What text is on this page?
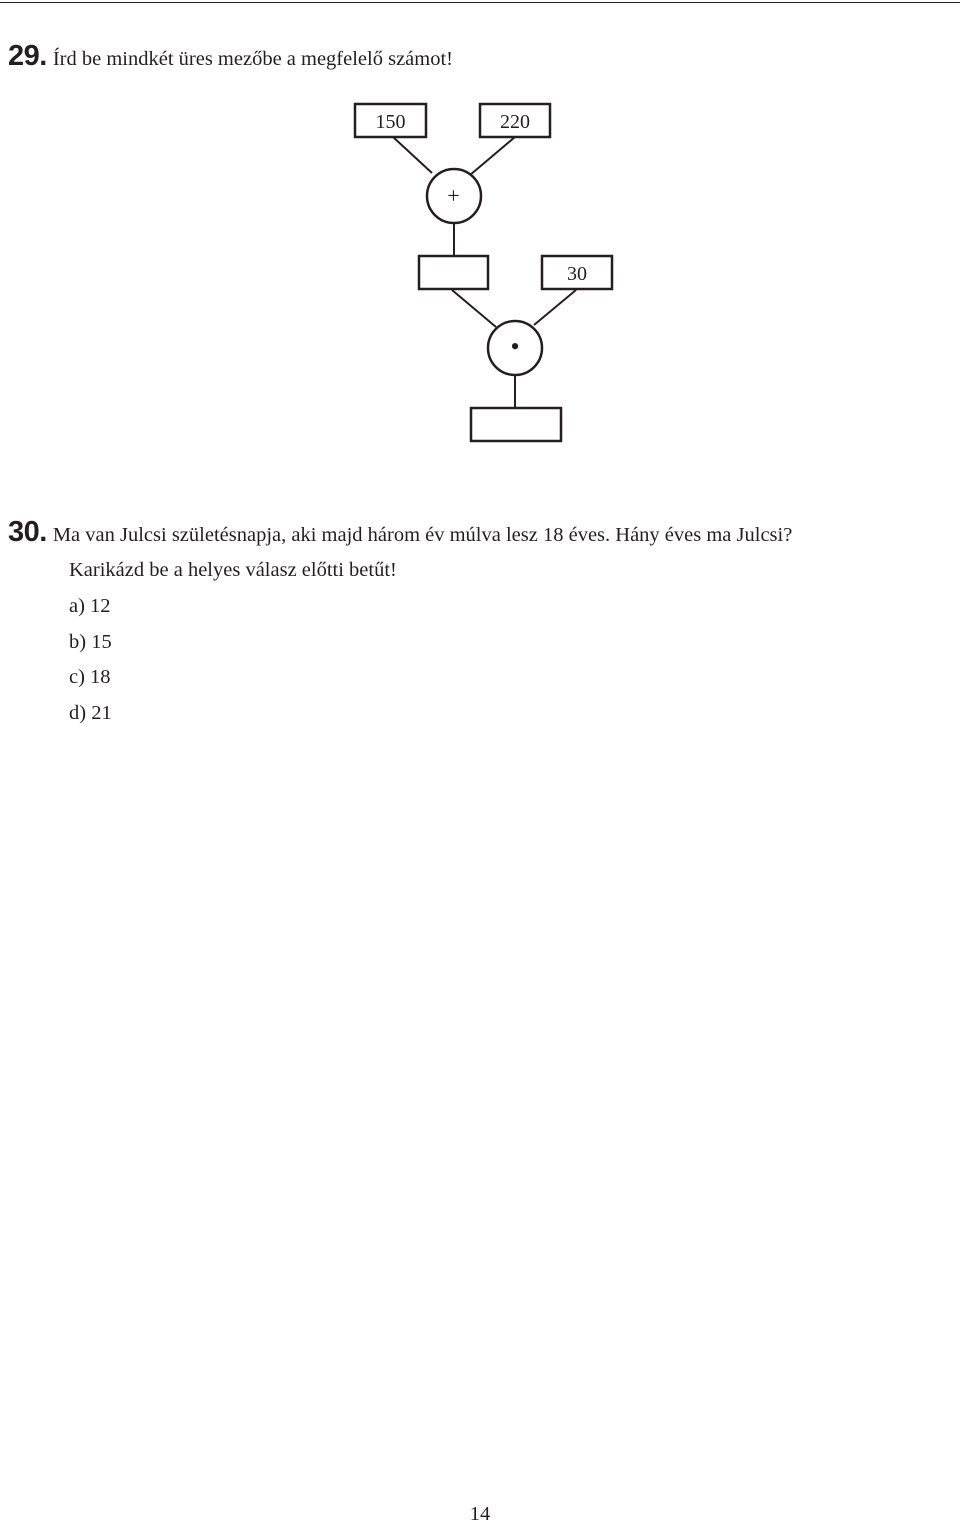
29. Írd be mindkét üres mezőbe a megfelelő számot!
150	220
+
30
•
30. Ma van Julcsi születésnapja, aki majd három év múlva lesz 18 éves. Hány éves ma Julcsi?
Karikázd be a helyes válasz előtti betűt!
a) 12
b) 15
c) 18
d) 21
14
